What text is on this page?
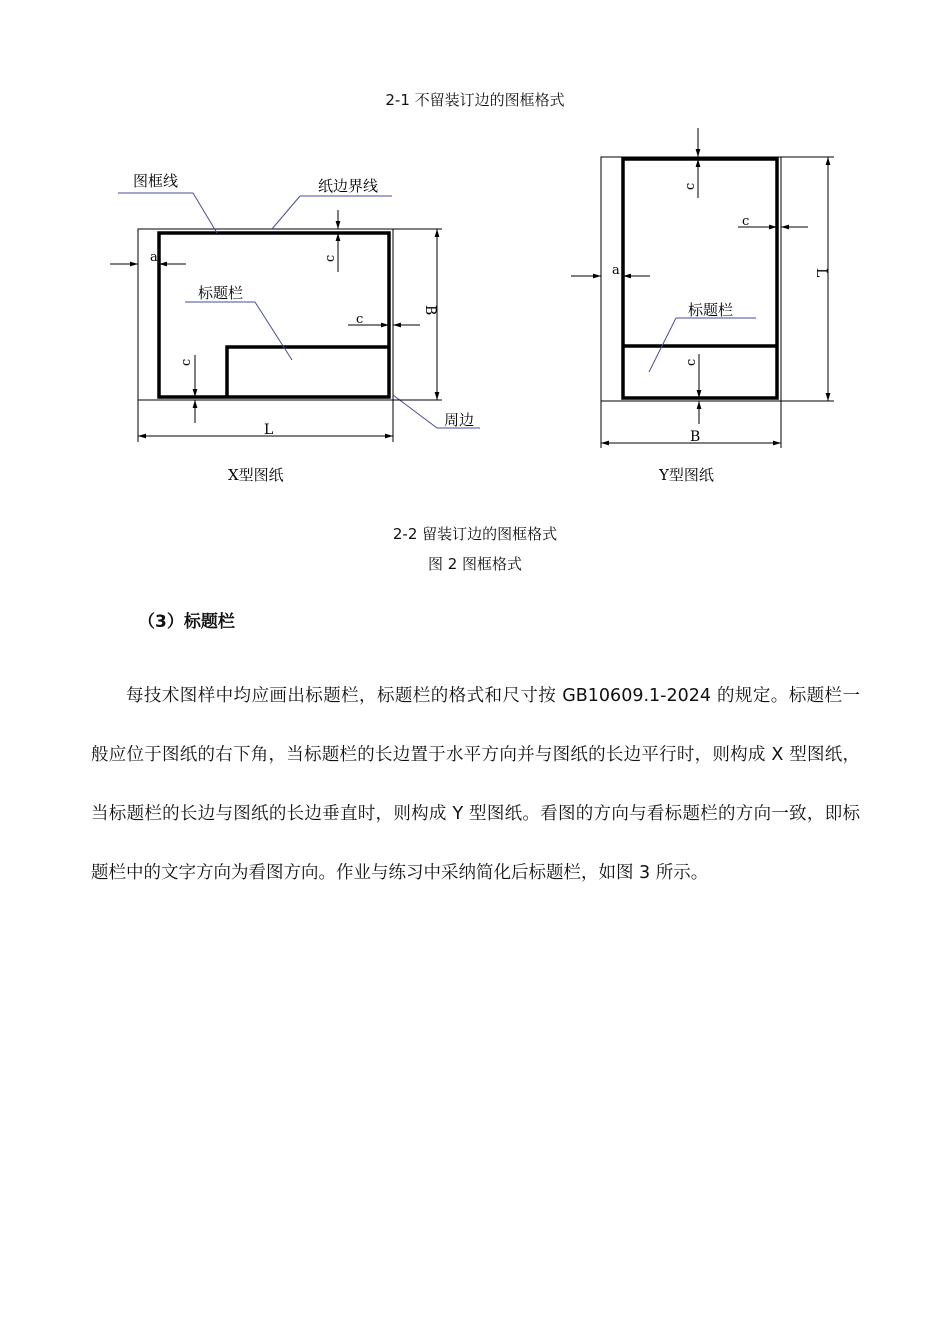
2-1 不留装订边的图框格式
图框线	纸边界线
标题栏
周边
a	c
c
c
L
B
X型图纸
标题栏
c
c
a
c
B
L
Y型图纸
2-2 留装订边的图框格式
图 2 图框格式
（3）标题栏

每技术图样中均应画出标题栏，标题栏的格式和尺寸按 GB10609.1-2024 的规定。标题栏一般应位于图纸的右下角，当标题栏的长边置于水平方向并与图纸的长边平行时，则构成 X 型图纸，当标题栏的长边与图纸的长边垂直时，则构成 Y 型图纸。看图的方向与看标题栏的方向一致，即标题栏中的文字方向为看图方向。作业与练习中采纳简化后标题栏，如图 3 所示。
